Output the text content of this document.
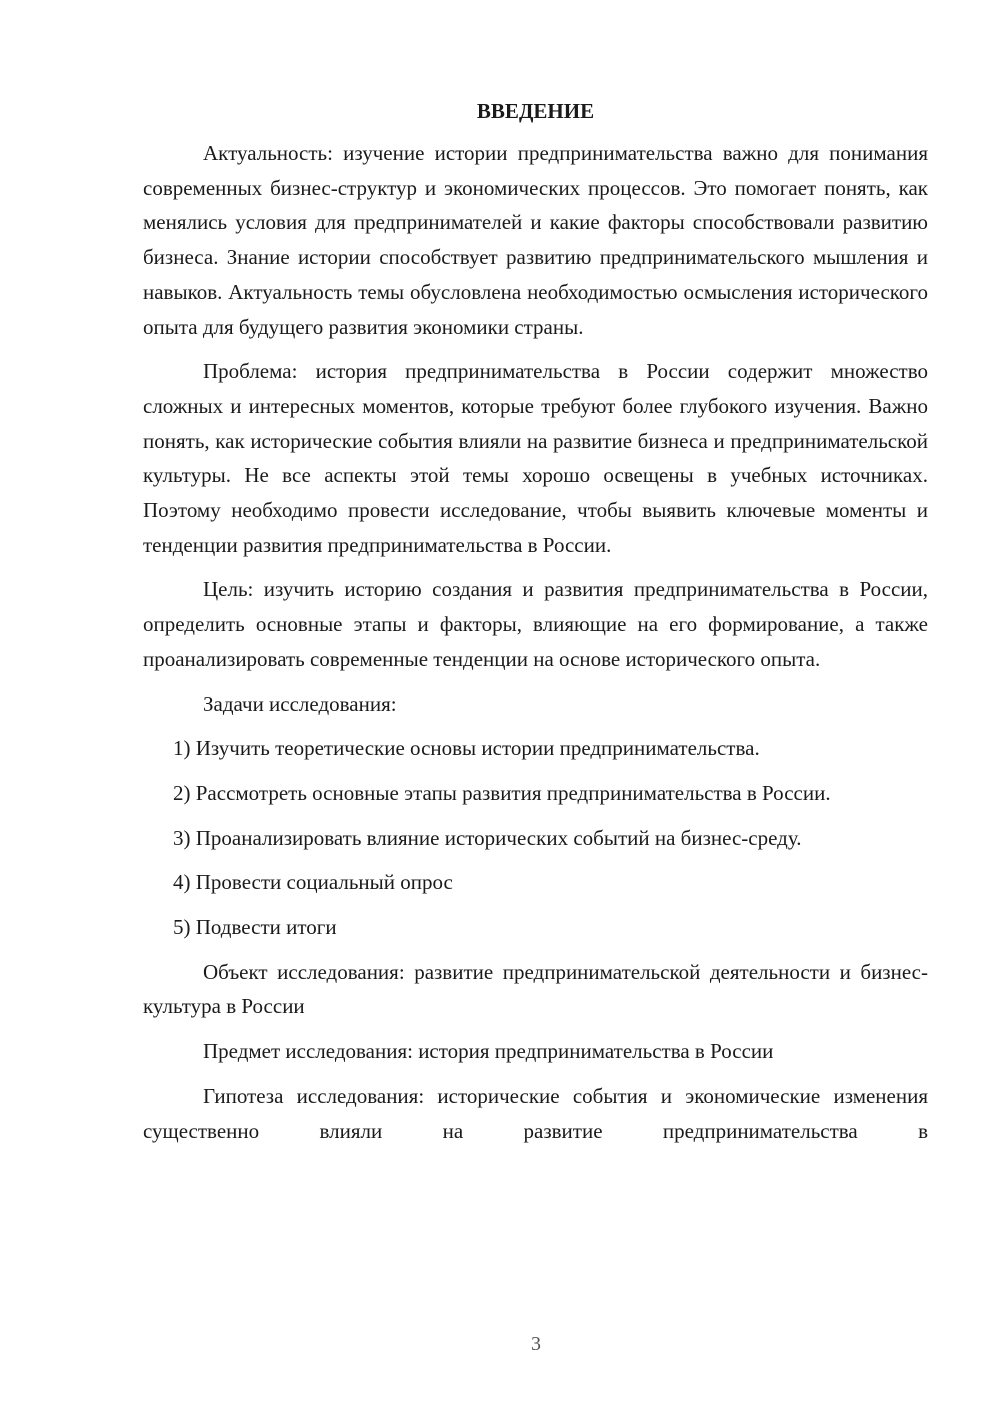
ВВЕДЕНИЕ

Актуальность: изучение истории предпринимательства важно для понимания современных бизнес-структур и экономических процессов. Это помогает понять, как менялись условия для предпринимателей и какие факторы способствовали развитию бизнеса. Знание истории способствует развитию предпринимательского мышления и навыков. Актуальность темы обусловлена необходимостью осмысления исторического опыта для будущего развития экономики страны.

Проблема: история предпринимательства в России содержит множество сложных и интересных моментов, которые требуют более глубокого изучения. Важно понять, как исторические события влияли на развитие бизнеса и предпринимательской культуры. Не все аспекты этой темы хорошо освещены в учебных источниках. Поэтому необходимо провести исследование, чтобы выявить ключевые моменты и тенденции развития предпринимательства в России.

Цель: изучить историю создания и развития предпринимательства в России, определить основные этапы и факторы, влияющие на его формирование, а также проанализировать современные тенденции на основе исторического опыта.

Задачи исследования:

1) Изучить теоретические основы истории предпринимательства.

2) Рассмотреть основные этапы развития предпринимательства в России.

3) Проанализировать влияние исторических событий на бизнес-среду.

4) Провести социальный опрос

5) Подвести итоги

Объект исследования: развитие предпринимательской деятельности и бизнес-культура в России

Предмет исследования: история предпринимательства в России

Гипотеза исследования: исторические события и экономические изменения существенно влияли на развитие предпринимательства в

3
